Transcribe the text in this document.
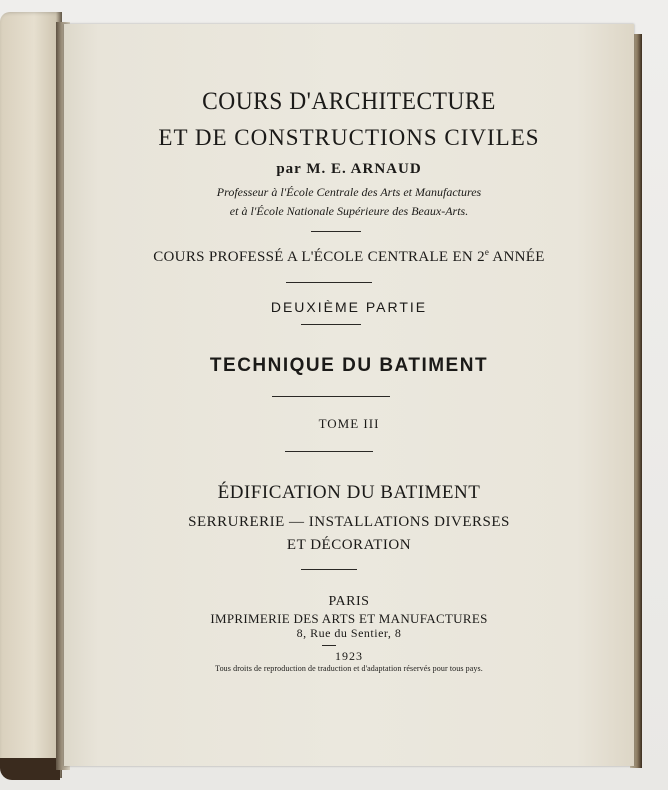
COURS D'ARCHITECTURE
ET DE CONSTRUCTIONS CIVILES
par M. E. ARNAUD
Professeur à l'École Centrale des Arts et Manufactures
et à l'École Nationale Supérieure des Beaux-Arts.
COURS PROFESSÉ A L'ÉCOLE CENTRALE EN 2e ANNÉE
DEUXIÈME PARTIE
TECHNIQUE DU BATIMENT
TOME III
ÉDIFICATION DU BATIMENT
SERRURERIE — INSTALLATIONS DIVERSES
ET DÉCORATION
PARIS
IMPRIMERIE DES ARTS ET MANUFACTURES
8, Rue du Sentier, 8
1923
Tous droits de reproduction de traduction et d'adaptation réservés pour tous pays.
